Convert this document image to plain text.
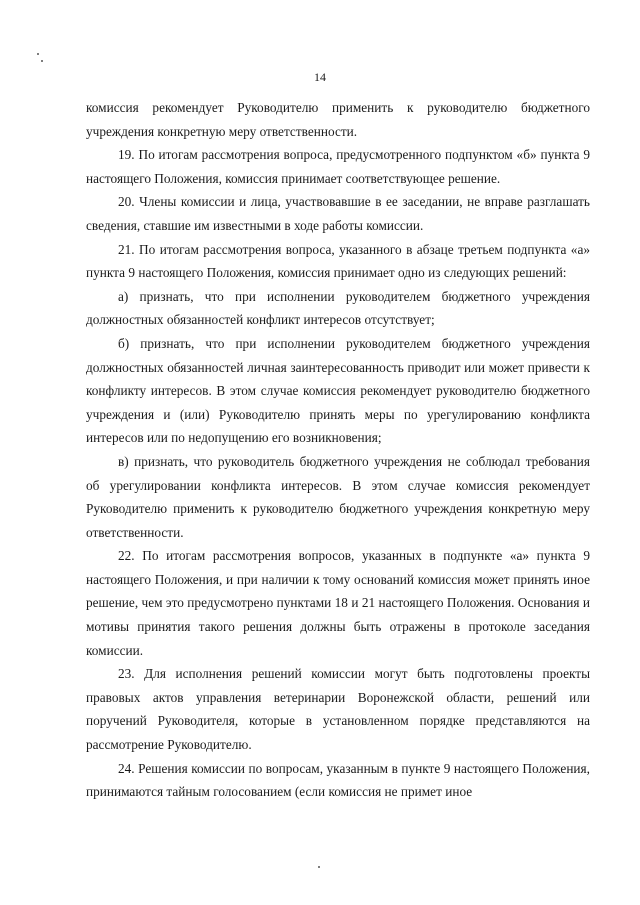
14

комиссия рекомендует Руководителю применить к руководителю бюджетного учреждения конкретную меру ответственности.

19. По итогам рассмотрения вопроса, предусмотренного подпунктом «б» пункта 9 настоящего Положения, комиссия принимает соответствующее решение.

20. Члены комиссии и лица, участвовавшие в ее заседании, не вправе разглашать сведения, ставшие им известными в ходе работы комиссии.

21. По итогам рассмотрения вопроса, указанного в абзаце третьем подпункта «а» пункта 9 настоящего Положения, комиссия принимает одно из следующих решений:

а) признать, что при исполнении руководителем бюджетного учреждения должностных обязанностей конфликт интересов отсутствует;

б) признать, что при исполнении руководителем бюджетного учреждения должностных обязанностей личная заинтересованность приводит или может привести к конфликту интересов. В этом случае комиссия рекомендует руководителю бюджетного учреждения и (или) Руководителю принять меры по урегулированию конфликта интересов или по недопущению его возникновения;

в) признать, что руководитель бюджетного учреждения не соблюдал требования об урегулировании конфликта интересов. В этом случае комиссия рекомендует Руководителю применить к руководителю бюджетного учреждения конкретную меру ответственности.

22. По итогам рассмотрения вопросов, указанных в подпункте «а» пункта 9 настоящего Положения, и при наличии к тому оснований комиссия может принять иное решение, чем это предусмотрено пунктами 18 и 21 настоящего Положения. Основания и мотивы принятия такого решения должны быть отражены в протоколе заседания комиссии.

23. Для исполнения решений комиссии могут быть подготовлены проекты правовых актов управления ветеринарии Воронежской области, решений или поручений Руководителя, которые в установленном порядке представляются на рассмотрение Руководителю.

24. Решения комиссии по вопросам, указанным в пункте 9 настоящего Положения, принимаются тайным голосованием (если комиссия не примет иное
